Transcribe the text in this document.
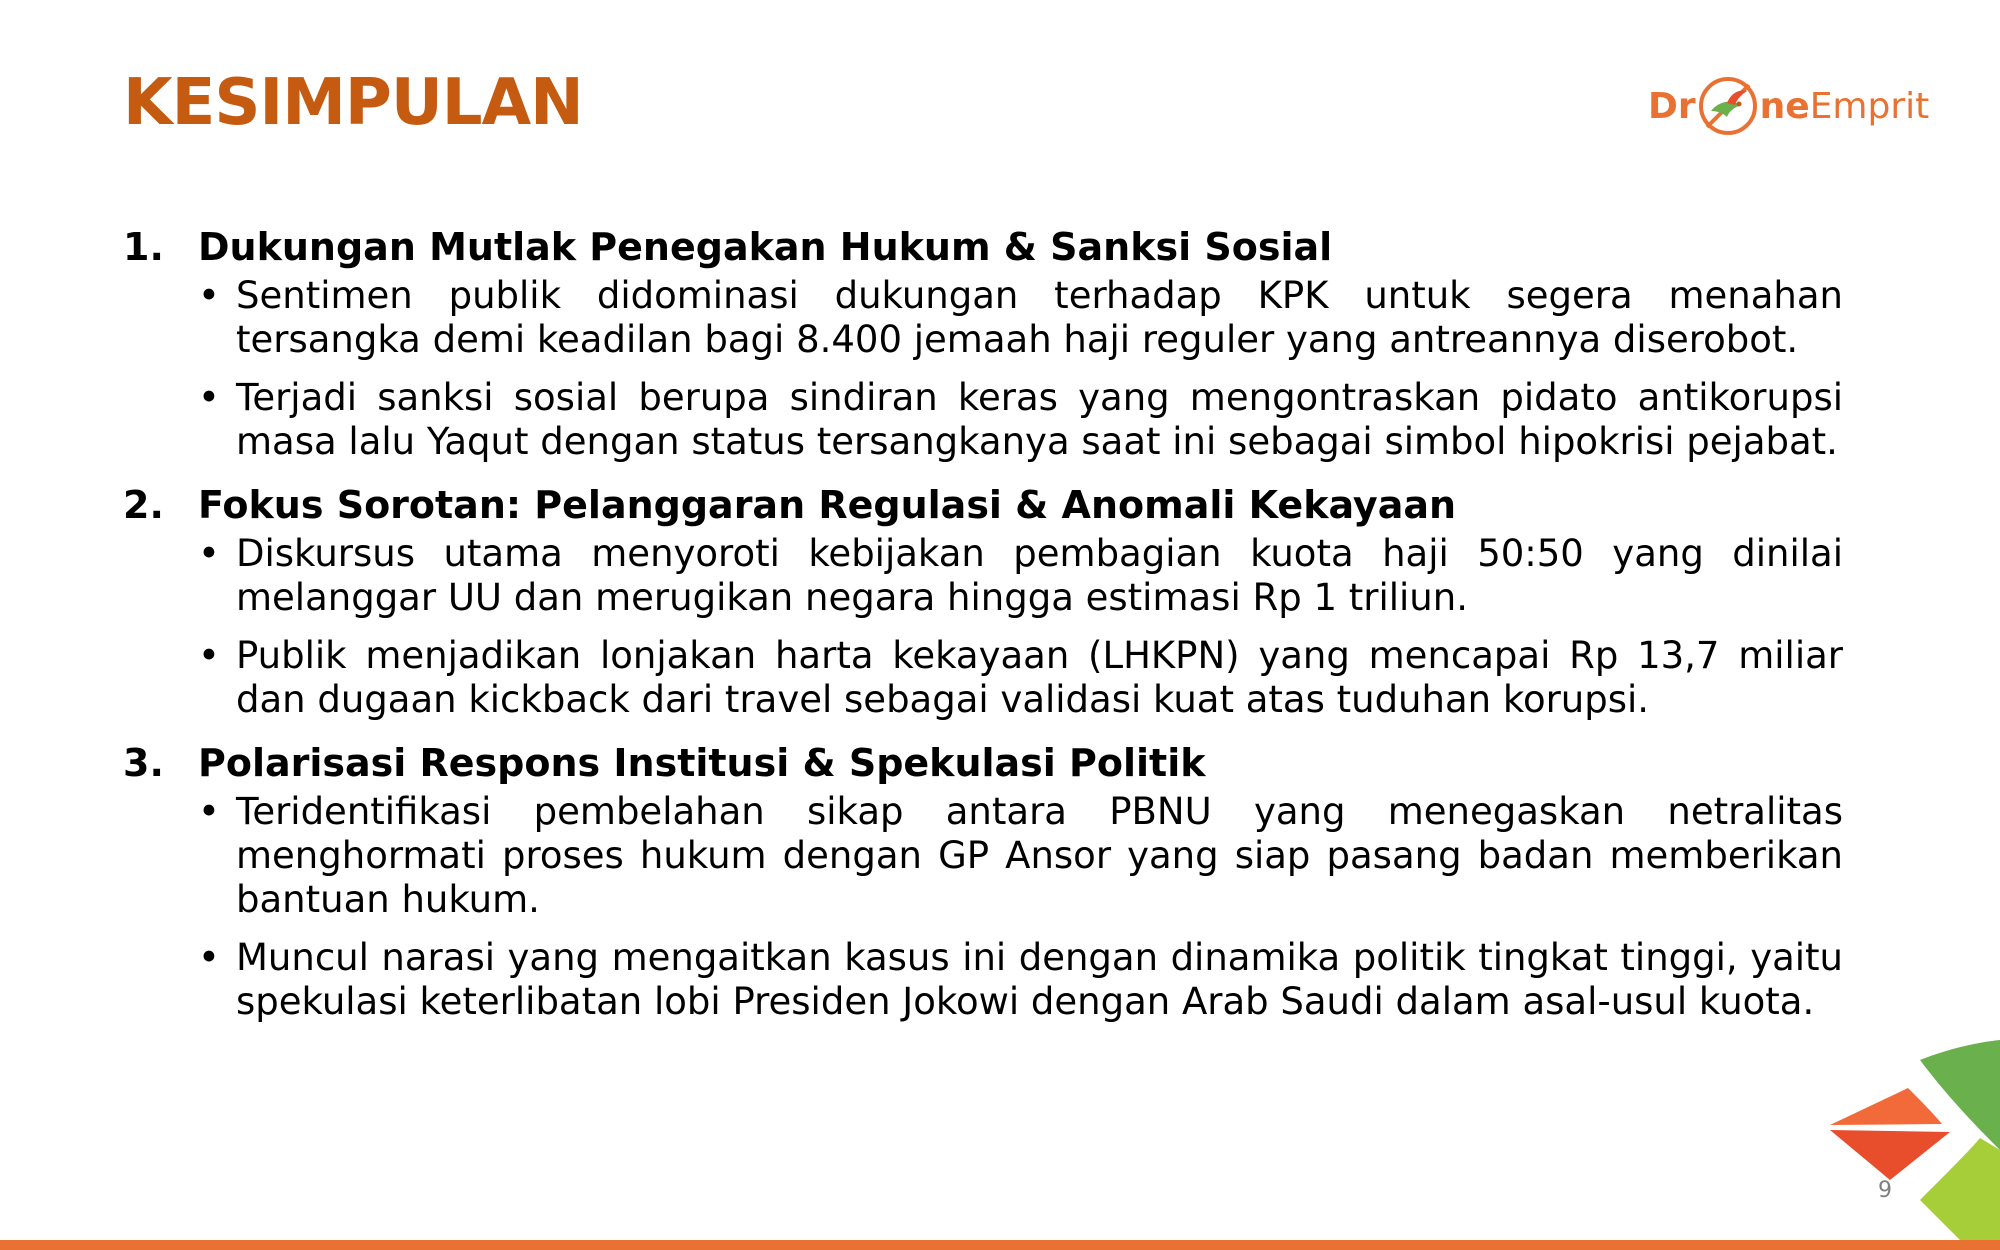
KESIMPULAN	Dr ne Emprit
1. Dukungan Mutlak Penegakan Hukum & Sanksi Sosial
• Sentimen publik didominasi dukungan terhadap KPK untuk segera menahan tersangka demi keadilan bagi 8.400 jemaah haji reguler yang antreannya diserobot.
• Terjadi sanksi sosial berupa sindiran keras yang mengontraskan pidato antikorupsi masa lalu Yaqut dengan status tersangkanya saat ini sebagai simbol hipokrisi pejabat.
2. Fokus Sorotan: Pelanggaran Regulasi & Anomali Kekayaan
• Diskursus utama menyoroti kebijakan pembagian kuota haji 50:50 yang dinilai melanggar UU dan merugikan negara hingga estimasi Rp 1 triliun.
• Publik menjadikan lonjakan harta kekayaan (LHKPN) yang mencapai Rp 13,7 miliar dan dugaan kickback dari travel sebagai validasi kuat atas tuduhan korupsi.
3. Polarisasi Respons Institusi & Spekulasi Politik
• Teridentifikasi pembelahan sikap antara PBNU yang menegaskan netralitas menghormati proses hukum dengan GP Ansor yang siap pasang badan memberikan bantuan hukum.
• Muncul narasi yang mengaitkan kasus ini dengan dinamika politik tingkat tinggi, yaitu spekulasi keterlibatan lobi Presiden Jokowi dengan Arab Saudi dalam asal-usul kuota.
9
